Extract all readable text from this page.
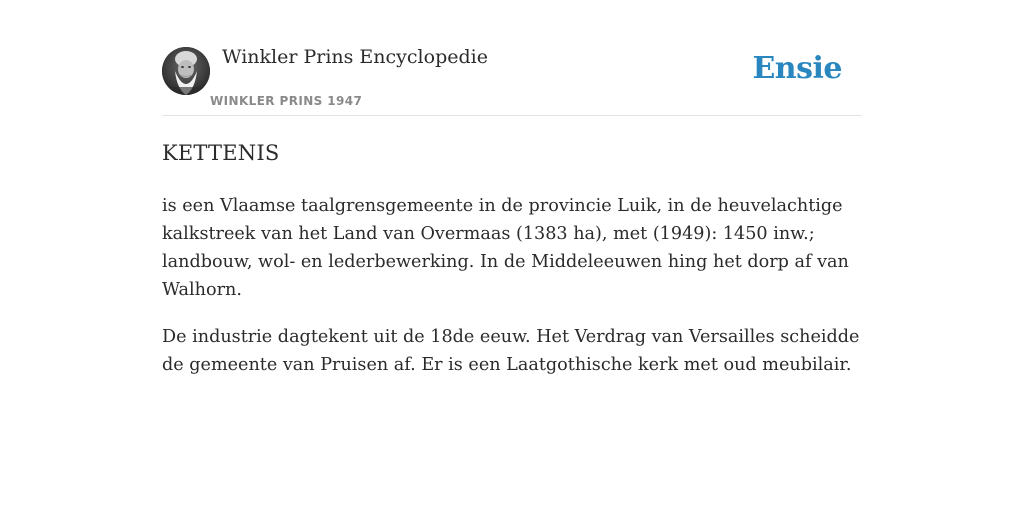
Winkler Prins Encyclopedie
WINKLER PRINS 1947
Ensie
KETTENIS

is een Vlaamse taalgrensgemeente in de provincie Luik, in de heuvelachtige kalkstreek van het Land van Overmaas (1383 ha), met (1949): 1450 inw.; landbouw, wol- en lederbewerking. In de Middeleeuwen hing het dorp af van Walhorn.

De industrie dagtekent uit de 18de eeuw. Het Verdrag van Versailles scheidde de gemeente van Pruisen af. Er is een Laatgothische kerk met oud meubilair.
